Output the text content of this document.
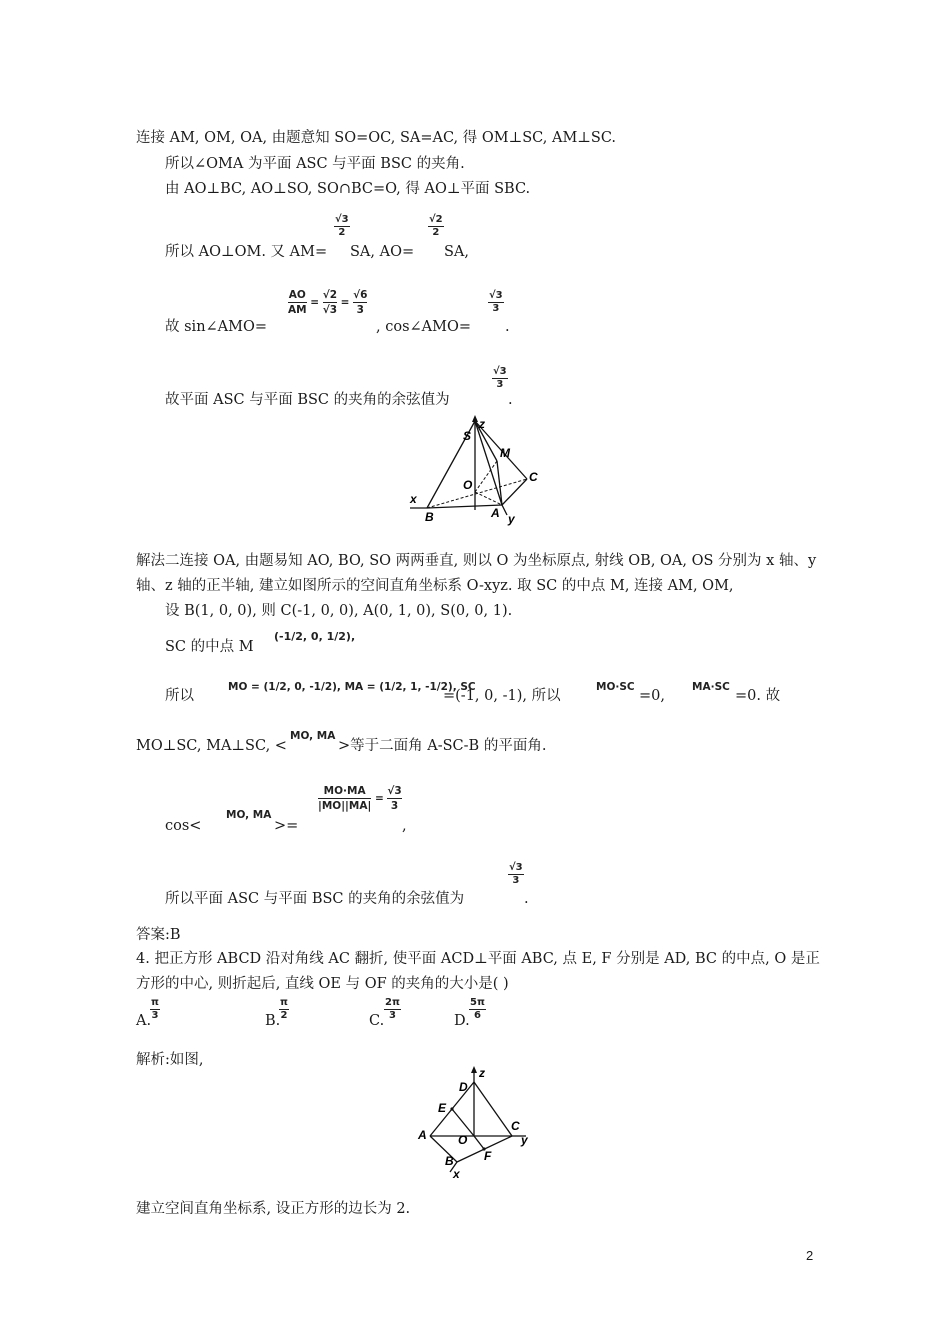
连接 AM, OM, OA, 由题意知 SO=OC, SA=AC, 得 OM⊥SC, AM⊥SC.
所以∠OMA 为平面 ASC 与平面 BSC 的夹角.
由 AO⊥BC, AO⊥SO, SO∩BC=O, 得 AO⊥平面 SBC.
所以 AO⊥OM. 又 AM=
$\frac{√3}{2}$
SA, AO=
$\frac{√2}{2}$
SA,
故 sin∠AMO=
$\frac{AO}{AM} = \frac{√2}{√3} = \frac{√6}{3}$
, cos∠AMO=
$\frac{√3}{3}$
.
故平面 ASC 与平面 BSC 的夹角的余弦值为
$\frac{√3}{3}$
.
S
z
M
C
O
x
B	A y
解法二连接 OA, 由题易知 AO, BO, SO 两两垂直, 则以 O 为坐标原点, 射线 OB, OA, OS 分别为 x 轴、y
轴、z 轴的正半轴, 建立如图所示的空间直角坐标系 O-xyz. 取 SC 的中点 M, 连接 AM, OM,
设 B(1, 0, 0), 则 C(-1, 0, 0), A(0, 1, 0), S(0, 0, 1).
SC 的中点 M
(-1/2, 0, 1/2),
所以
MO = (1/2, 0, -1/2), MA = (1/2, 1, -1/2), SC
=(-1, 0, -1), 所以
MO·SC
=0,
MA·SC
=0. 故
MO⊥SC, MA⊥SC, <
MO, MA
>等于二面角 A-SC-B 的平面角.
cos<
MO, MA
>=
$\frac{MO\cdot MA}{|MO||MA|} = \frac{√3}{3}$
,
所以平面 ASC 与平面 BSC 的夹角的余弦值为
$\frac{√3}{3}$
.
答案:B
4. 把正方形 ABCD 沿对角线 AC 翻折, 使平面 ACD⊥平面 ABC, 点 E, F 分别是 AD, BC 的中点, O 是正
方形的中心, 则折起后, 直线 OE 与 OF 的夹角的大小是( )
A.
$\frac{\pi}{3}$	B.
$\frac{\pi}{2}$	C. $\frac{2\pi}{3}$	D. $\frac{5\pi}{6}$
解析:如图,
z
D
E
A	O
C
y
B	F
x
建立空间直角坐标系, 设正方形的边长为 2.
2
